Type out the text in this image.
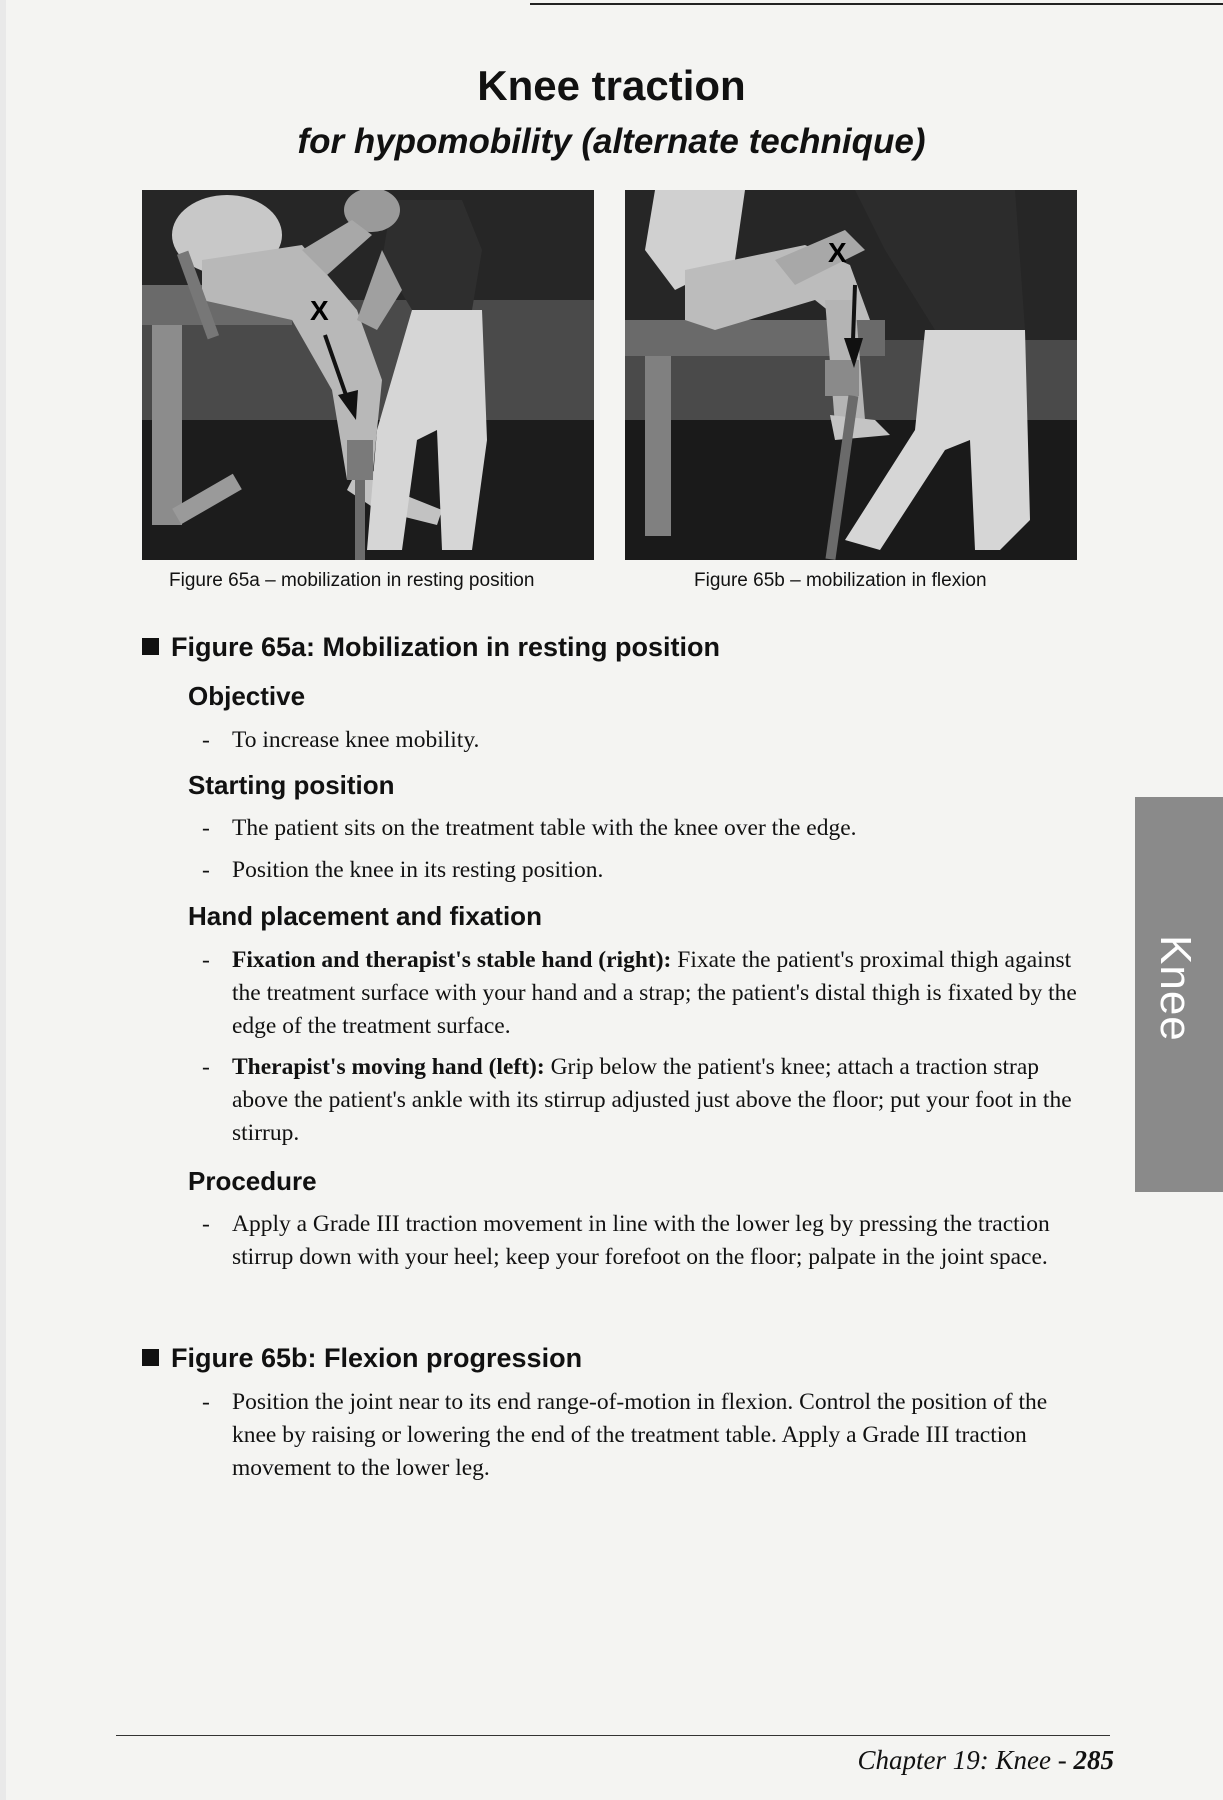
Knee traction
for hypomobility (alternate technique)
X
X
Figure 65a – mobilization in resting position	Figure 65b – mobilization in flexion
Figure 65a: Mobilization in resting position
Objective
- To increase knee mobility.
Starting position
- The patient sits on the treatment table with the knee over the edge.
- Position the knee in its resting position.
Hand placement and fixation
- Fixation and therapist's stable hand (right): Fixate the patient's proximal thigh against the treatment surface with your hand and a strap; the patient's distal thigh is fixated by the edge of the treatment surface.
- Therapist's moving hand (left): Grip below the patient's knee; attach a traction strap above the patient's ankle with its stirrup adjusted just above the floor; put your foot in the stirrup.
Procedure
- Apply a Grade III traction movement in line with the lower leg by pressing the traction stirrup down with your heel; keep your forefoot on the floor; palpate in the joint space.
Figure 65b: Flexion progression
- Position the joint near to its end range-of-motion in flexion. Control the position of the knee by raising or lowering the end of the treatment table. Apply a Grade III traction movement to the lower leg.
Knee
Chapter 19: Knee - 285
